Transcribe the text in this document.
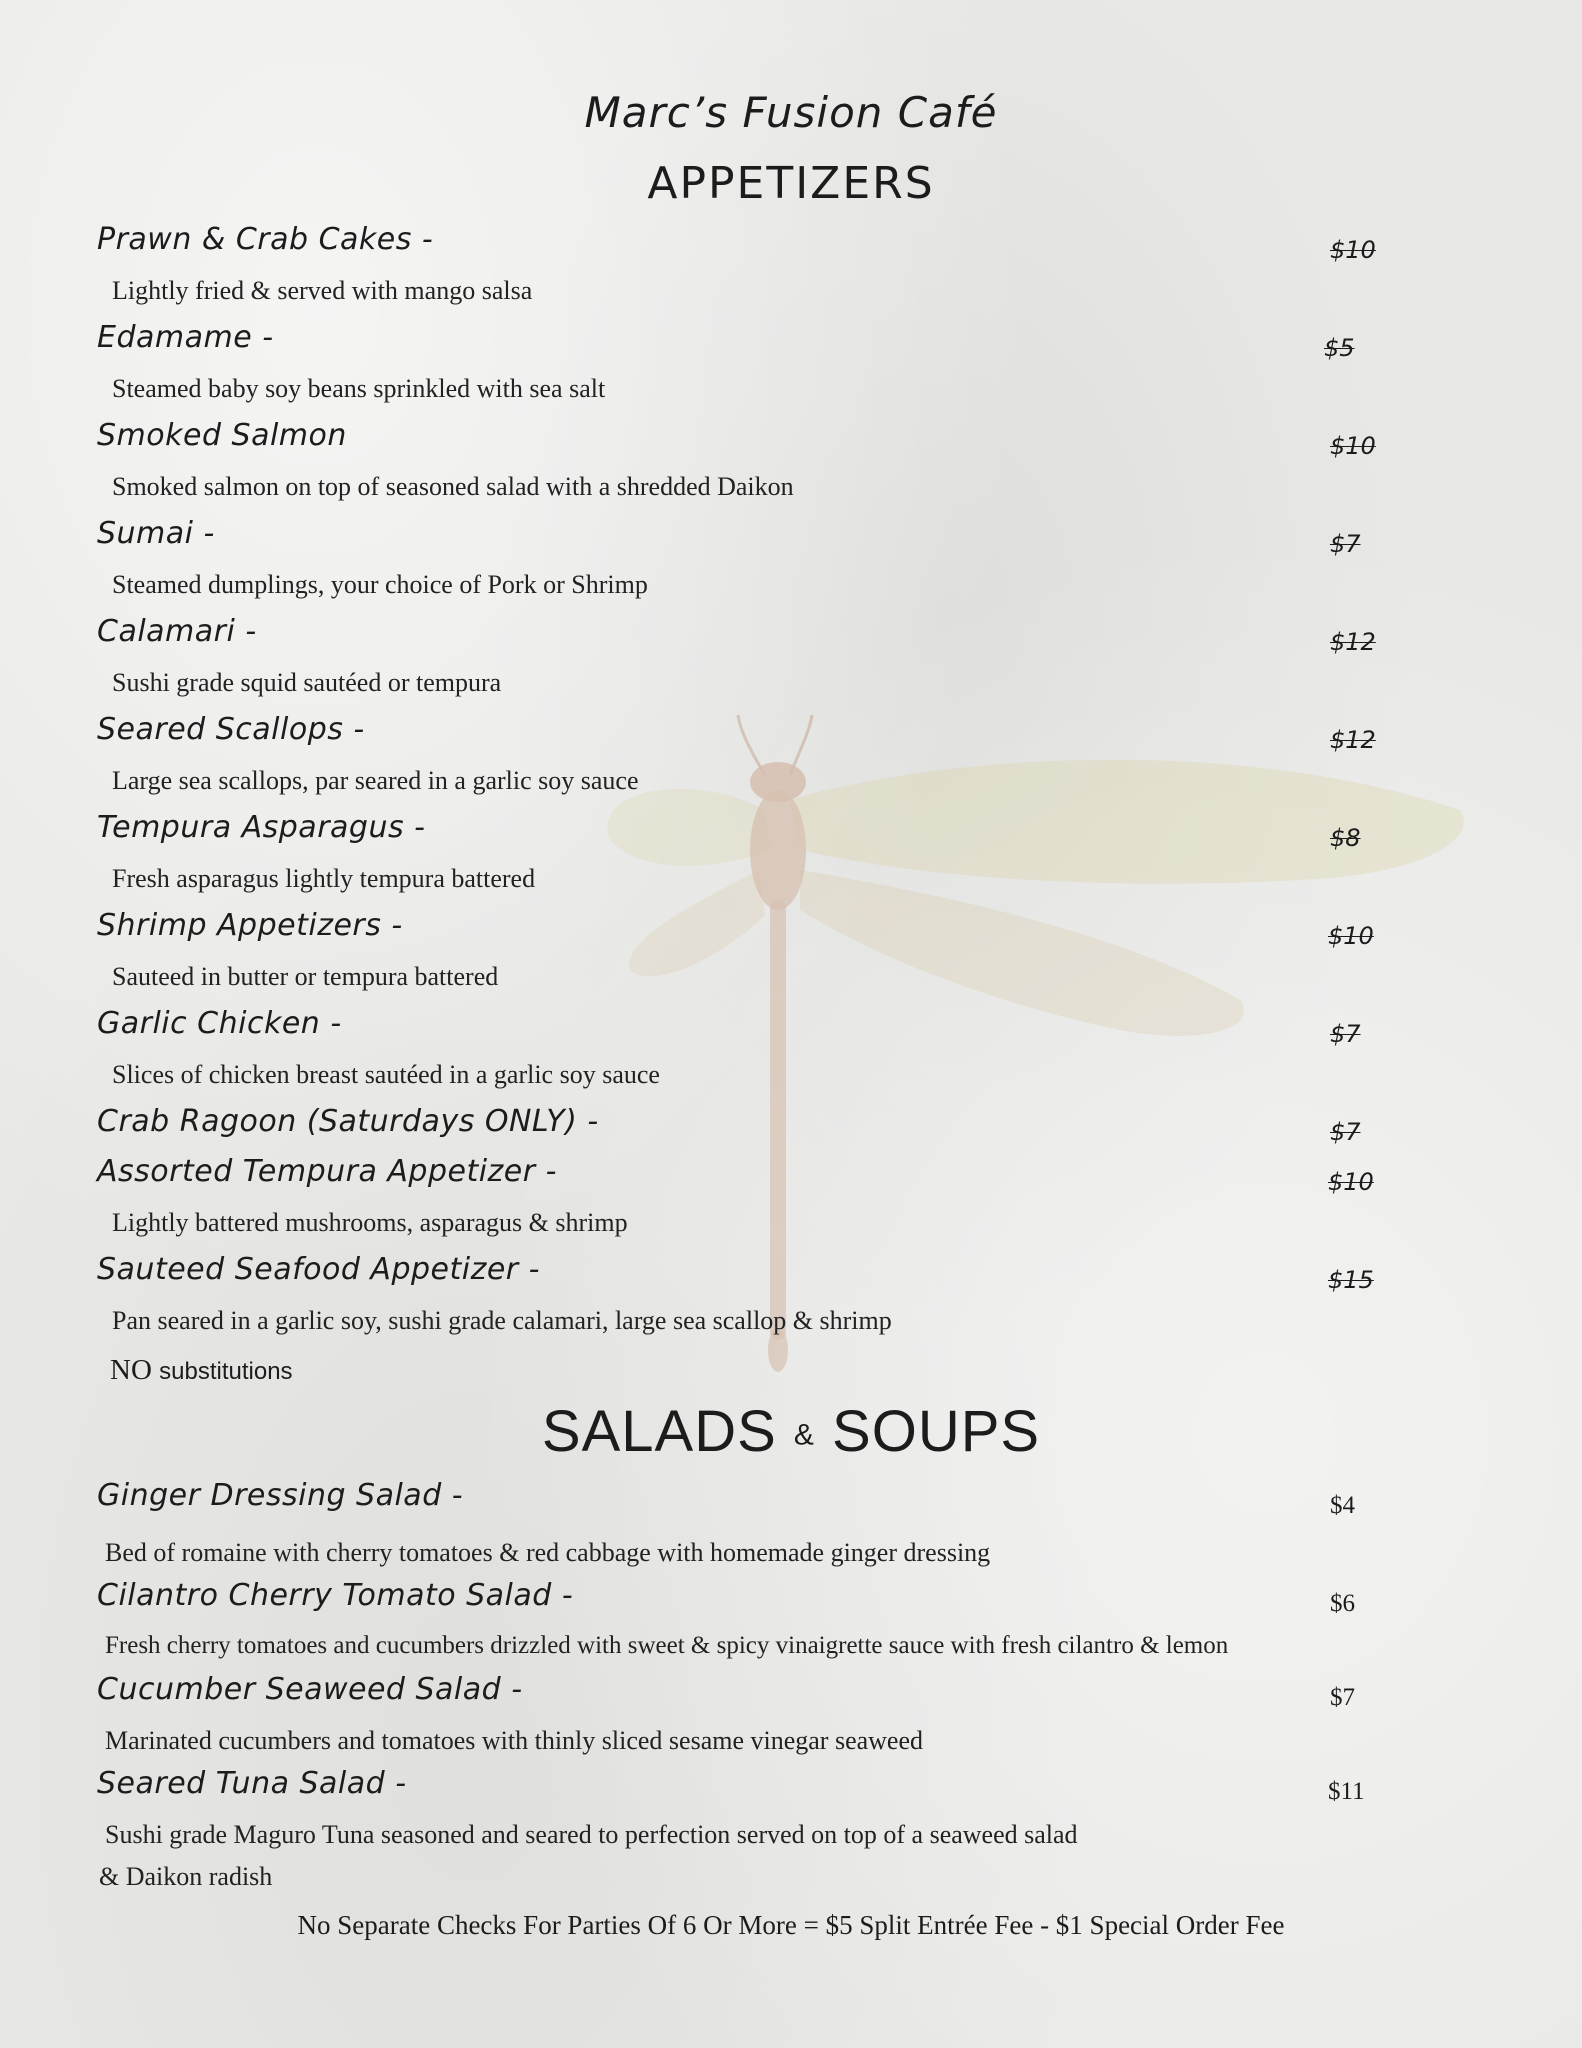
Marc’s Fusion Café
APPETIZERS
Prawn & Crab Cakes -	$10
Lightly fried & served with mango salsa
Edamame -	$5
Steamed baby soy beans sprinkled with sea salt
Smoked Salmon	$10
Smoked salmon on top of seasoned salad with a shredded Daikon
Sumai -	$7
Steamed dumplings, your choice of Pork or Shrimp
Calamari -	$12
Sushi grade squid sautéed or tempura
Seared Scallops -	$12
Large sea scallops, par seared in a garlic soy sauce
Tempura Asparagus -	$8
Fresh asparagus lightly tempura battered
Shrimp Appetizers -	$10
Sauteed in butter or tempura battered
Garlic Chicken -	$7
Slices of chicken breast sautéed in a garlic soy sauce
Crab Ragoon (Saturdays ONLY) -	$7
Assorted Tempura Appetizer -	$10
Lightly battered mushrooms, asparagus & shrimp
Sauteed Seafood Appetizer -	$15
Pan seared in a garlic soy, sushi grade calamari, large sea scallop & shrimp
NO substitutions
SALADS & SOUPS
Ginger Dressing Salad -	$4
Bed of romaine with cherry tomatoes & red cabbage with homemade ginger dressing
Cilantro Cherry Tomato Salad -	$6
Fresh cherry tomatoes and cucumbers drizzled with sweet & spicy vinaigrette sauce with fresh cilantro & lemon
Cucumber Seaweed Salad -	$7
Marinated cucumbers and tomatoes with thinly sliced sesame vinegar seaweed
Seared Tuna Salad -	$11
Sushi grade Maguro Tuna seasoned and seared to perfection served on top of a seaweed salad
& Daikon radish
No Separate Checks For Parties Of 6 Or More = $5 Split Entrée Fee - $1 Special Order Fee
